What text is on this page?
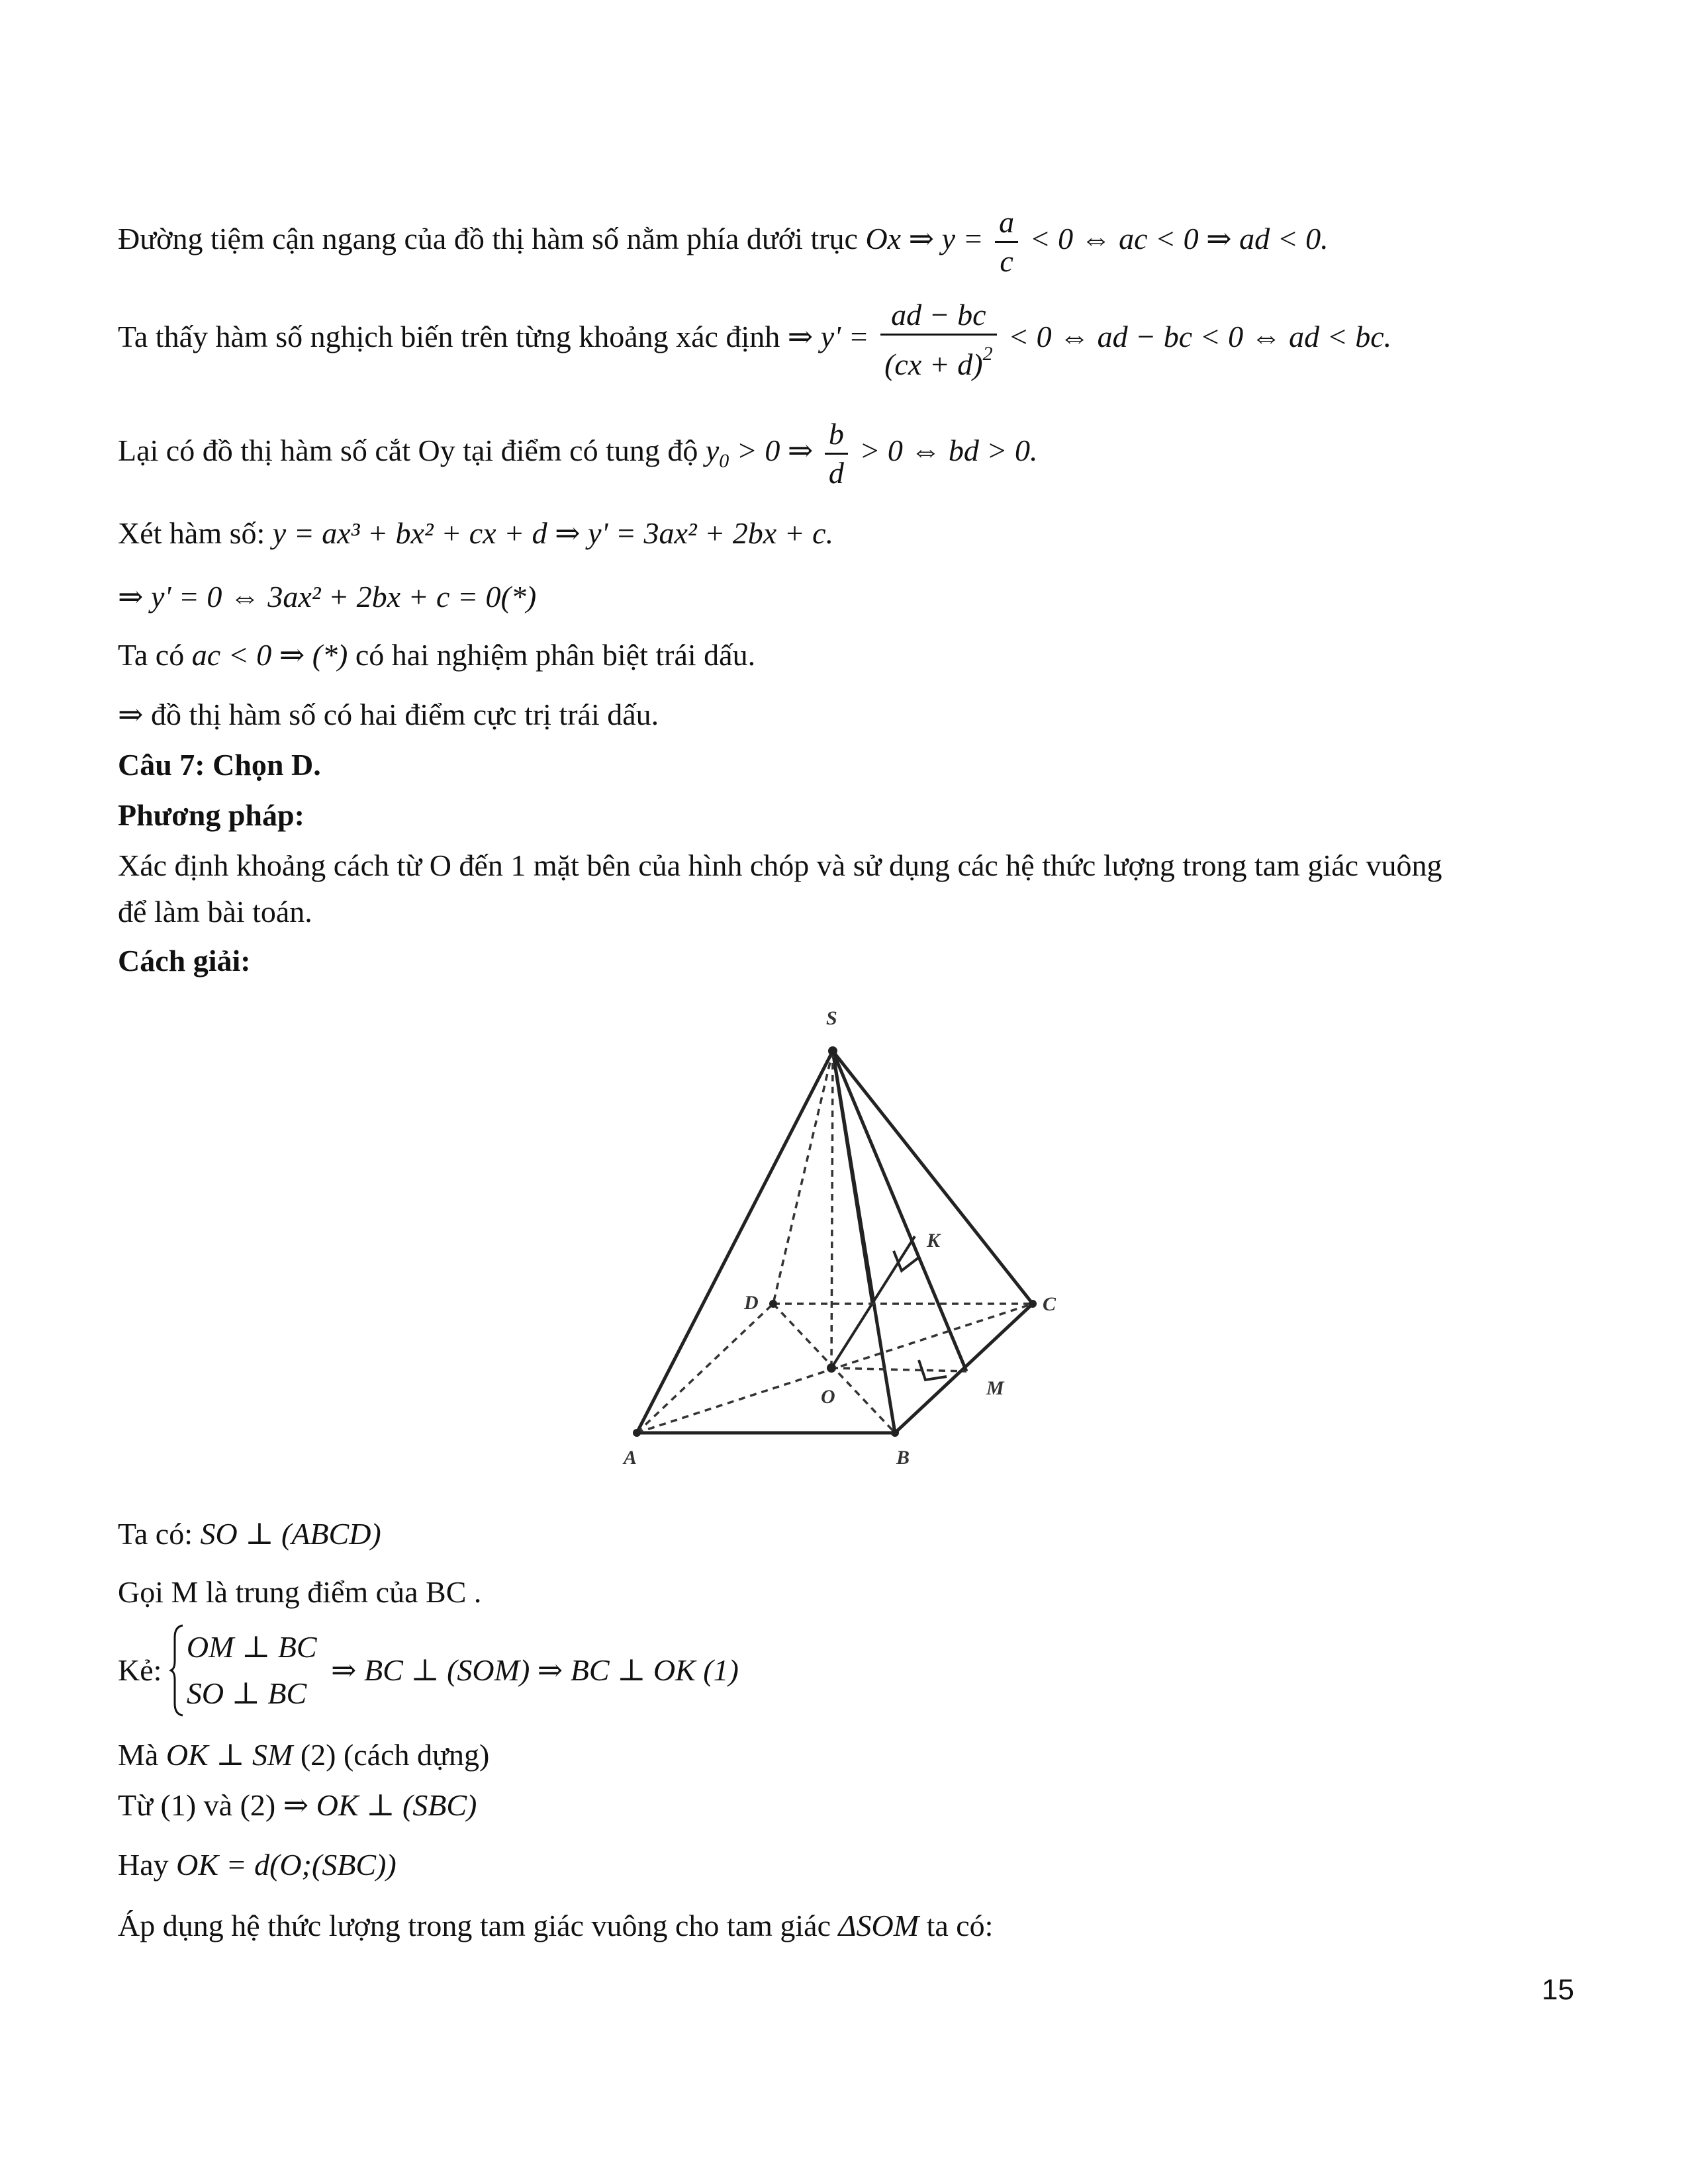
Đường tiệm cận ngang của đồ thị hàm số nằm phía dưới trục Ox ⇒ $y = \frac{a}{c} < 0$ ⇔ ac < 0 ⇒ ad < 0.
Ta thấy hàm số nghịch biến trên từng khoảng xác định ⇒ $y' = \frac{ad - bc}{(cx + d)^2} < 0$ ⇔ ad − bc < 0 ⇔ ad < bc.
Lại có đồ thị hàm số cắt Oy tại điểm có tung độ $y_0 > 0$ ⇒ $\frac{b}{d} > 0$ ⇔ bd > 0.
Xét hàm số: y = ax³ + bx² + cx + d ⇒ y' = 3ax² + 2bx + c.
⇒ y' = 0 ⇔ 3ax² + 2bx + c = 0(*)
Ta có ac < 0 ⇒ (*) có hai nghiệm phân biệt trái dấu.
⇒ đồ thị hàm số có hai điểm cực trị trái dấu.
Câu 7: Chọn D.
Phương pháp:
Xác định khoảng cách từ O đến 1 mặt bên của hình chóp và sử dụng các hệ thức lượng trong tam giác vuông
để làm bài toán.
Cách giải:
S
A	B
C
D
O	M
K
Ta có: SO ⊥ (ABCD)
Gọi M là trung điểm của BC .
Kẻ:
OM ⊥ BC
SO ⊥ BC
⇒ BC ⊥ (SOM) ⇒ BC ⊥ OK (1)
Mà OK ⊥ SM (2) (cách dựng)
Từ (1) và (2) ⇒ OK ⊥ (SBC)
Hay OK = d(O;(SBC))
Áp dụng hệ thức lượng trong tam giác vuông cho tam giác ΔSOM ta có:
15
